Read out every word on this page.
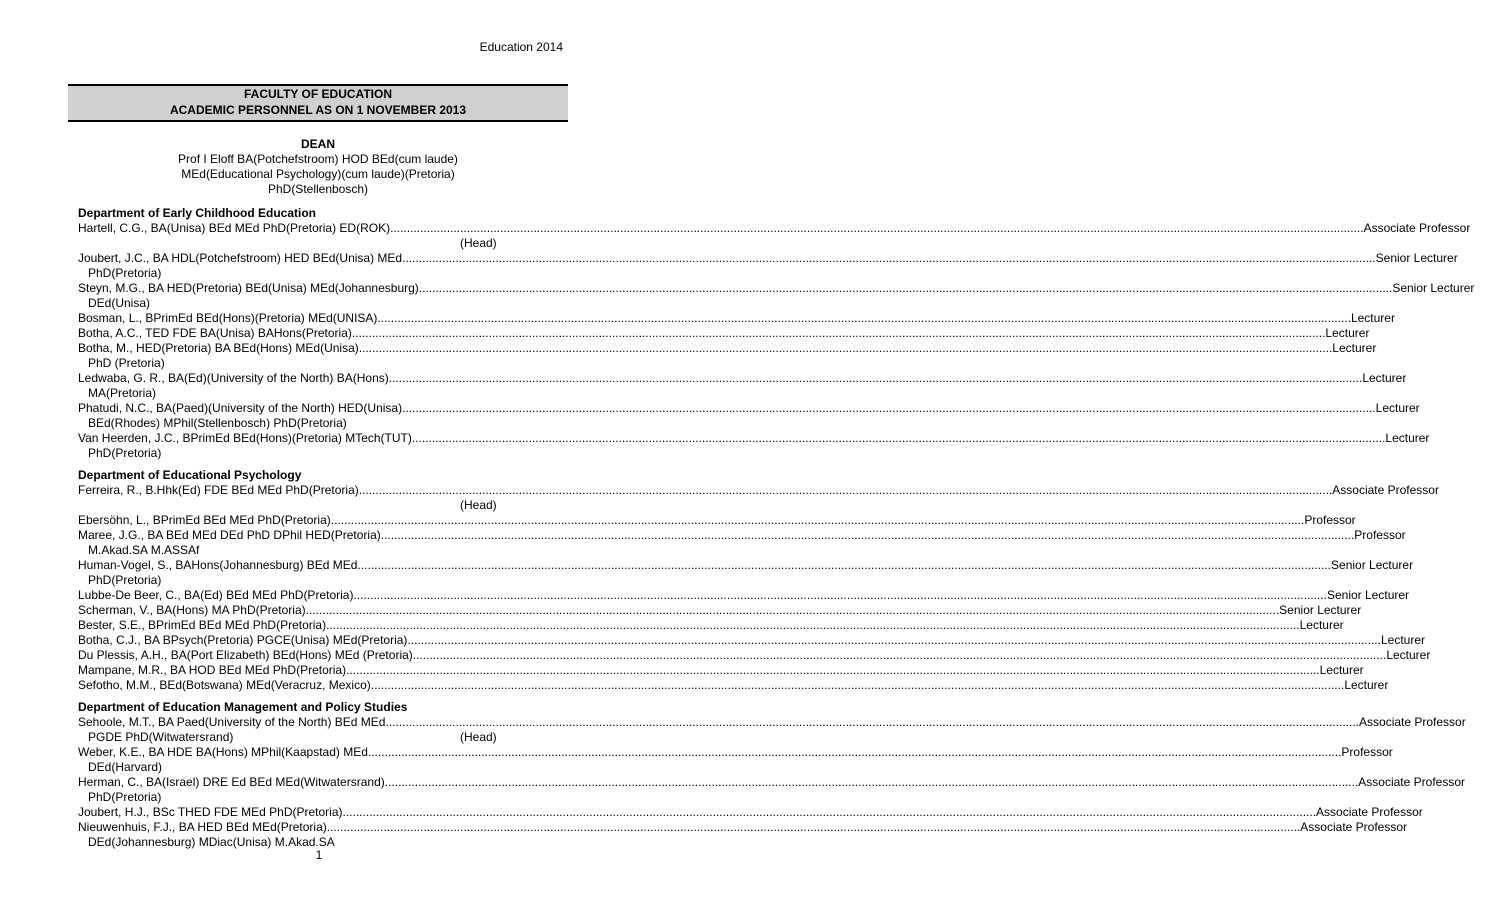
Education 2014
FACULTY OF EDUCATION
ACADEMIC PERSONNEL AS ON 1 NOVEMBER 2013
DEAN
Prof I Eloff BA(Potchefstroom) HOD BEd(cum laude)
MEd(Educational Psychology)(cum laude)(Pretoria)
PhD(Stellenbosch)
Department of Early Childhood Education
Hartell, C.G., BA(Unisa) BEd MEd PhD(Pretoria) ED(ROK) .....	Associate Professor
(Head)
Joubert, J.C., BA HDL(Potchefstroom) HED BEd(Unisa) MEd .....	Senior Lecturer
PhD(Pretoria)
Steyn, M.G., BA HED(Pretoria) BEd(Unisa) MEd(Johannesburg) .....	Senior Lecturer
DEd(Unisa)
Bosman, L., BPrimEd BEd(Hons)(Pretoria) MEd(UNISA) .....	Lecturer
Botha, A.C., TED FDE BA(Unisa) BAHons(Pretoria) .....	Lecturer
Botha, M., HED(Pretoria) BA BEd(Hons) MEd(Unisa) .....	Lecturer
PhD (Pretoria)
Ledwaba, G. R., BA(Ed)(University of the North) BA(Hons) .....	Lecturer
MA(Pretoria)
Phatudi, N.C., BA(Paed)(University of the North) HED(Unisa) .....	Lecturer
BEd(Rhodes) MPhil(Stellenbosch) PhD(Pretoria)
Van Heerden, J.C., BPrimEd BEd(Hons)(Pretoria) MTech(TUT) .....	Lecturer
PhD(Pretoria)
Department of Educational Psychology
Ferreira, R., B.Hhk(Ed) FDE BEd MEd PhD(Pretoria) .....	Associate Professor
(Head)
Ebersöhn, L., BPrimEd BEd MEd PhD(Pretoria) .....	Professor
Maree, J.G., BA BEd MEd DEd PhD DPhil HED(Pretoria) .....	Professor
M.Akad.SA M.ASSAf
Human-Vogel, S., BAHons(Johannesburg) BEd MEd .....	Senior Lecturer
PhD(Pretoria)
Lubbe-De Beer, C., BA(Ed) BEd MEd PhD(Pretoria) .....	Senior Lecturer
Scherman, V., BA(Hons) MA PhD(Pretoria) .....	Senior Lecturer
Bester, S.E., BPrimEd BEd MEd PhD(Pretoria) .....	Lecturer
Botha, C.J., BA BPsych(Pretoria) PGCE(Unisa) MEd(Pretoria) .....	Lecturer
Du Plessis, A.H., BA(Port Elizabeth) BEd(Hons) MEd (Pretoria) .....	Lecturer
Mampane, M.R., BA HOD BEd MEd PhD(Pretoria) .....	Lecturer
Sefotho, M.M., BEd(Botswana) MEd(Veracruz, Mexico) .....	Lecturer
Department of Education Management and Policy Studies
Sehoole, M.T., BA Paed(University of the North) BEd MEd .....	Associate Professor
PGDE PhD(Witwatersrand)	(Head)
Weber, K.E., BA HDE BA(Hons) MPhil(Kaapstad) MEd .....	Professor
DEd(Harvard)
Herman, C., BA(Israel) DRE Ed BEd MEd(Witwatersrand) .....	Associate Professor
PhD(Pretoria)
Joubert, H.J., BSc THED FDE MEd PhD(Pretoria) .....	Associate Professor
Nieuwenhuis, F.J., BA HED BEd MEd(Pretoria) .....	Associate Professor
DEd(Johannesburg) MDiac(Unisa) M.Akad.SA
1
